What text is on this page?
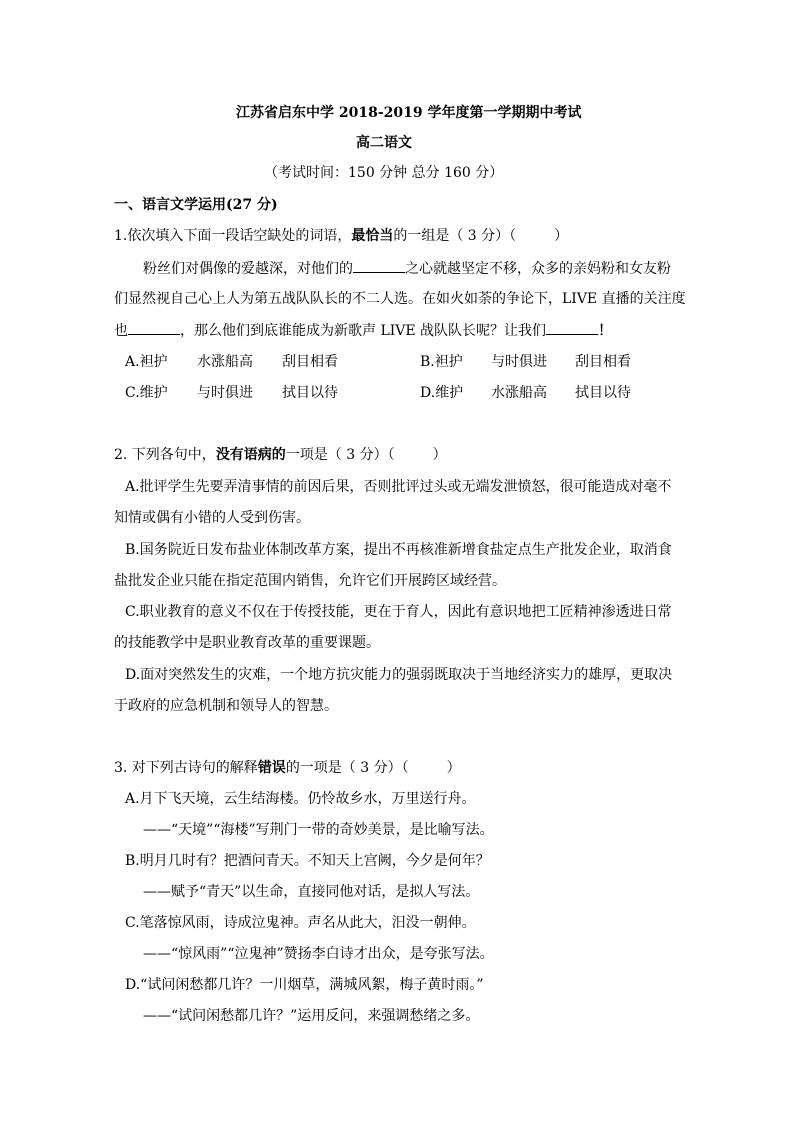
江苏省启东中学 2018-2019 学年度第一学期期中考试
高二语文
（考试时间：150 分钟 总分 160 分）
一、语言文学运用(27 分)
1.依次填入下面一段话空缺处的词语，最恰当的一组是（ 3 分）（	）
粉丝们对偶像的爱越深，对他们的	之心就越坚定不移，众多的亲妈粉和女友粉
们显然视自己心上人为第五战队队长的不二人选。在如火如荼的争论下，LIVE 直播的关注度
也	，那么他们到底谁能成为新歌声 LIVE 战队队长呢？让我们	！
A.袒护 水涨船高 刮目相看	B.袒护 与时俱进 刮目相看
C.维护 与时俱进 拭目以待	D.维护 水涨船高 拭目以待
2. 下列各句中，没有语病的一项是（ 3 分）（	）
A.批评学生先要弄清事情的前因后果，否则批评过头或无端发泄愤怒，很可能造成对毫不
知情或偶有小错的人受到伤害。
B.国务院近日发布盐业体制改革方案，提出不再核准新增食盐定点生产批发企业，取消食
盐批发企业只能在指定范围内销售，允许它们开展跨区域经营。
C.职业教育的意义不仅在于传授技能，更在于育人，因此有意识地把工匠精神渗透进日常
的技能教学中是职业教育改革的重要课题。
D.面对突然发生的灾难，一个地方抗灾能力的强弱既取决于当地经济实力的雄厚，更取决
于政府的应急机制和领导人的智慧。
3. 对下列古诗句的解释错误的一项是（ 3 分）（	）
A.月下飞天境，云生结海楼。仍怜故乡水，万里送行舟。
——“天境”“海楼”写荆门一带的奇妙美景，是比喻写法。
B.明月几时有？把酒问青天。不知天上宫阙，今夕是何年？
——赋予“青天”以生命，直接同他对话，是拟人写法。
C.笔落惊风雨，诗成泣鬼神。声名从此大，汨没一朝伸。
——“惊风雨”“泣鬼神”赞扬李白诗才出众，是夸张写法。
D.“试问闲愁都几许？一川烟草，满城风絮，梅子黄时雨。”
——“试问闲愁都几许？”运用反问，来强调愁绪之多。
